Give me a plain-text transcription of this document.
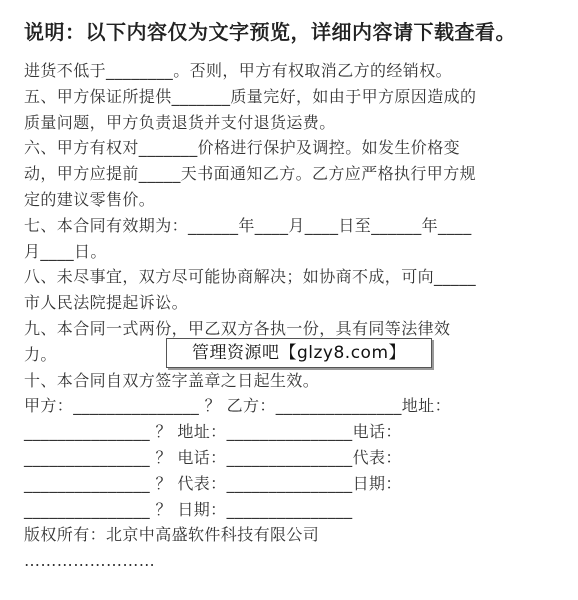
说明：以下内容仅为文字预览，详细内容请下载查看。
进货不低于________。否则，甲方有权取消乙方的经销权。
五、甲方保证所提供_______质量完好，如由于甲方原因造成的
质量问题，甲方负责退货并支付退货运费。
六、甲方有权对_______价格进行保护及调控。如发生价格变
动，甲方应提前_____天书面通知乙方。乙方应严格执行甲方规
定的建议零售价。
七、本合同有效期为：______年____月____日至______年____
月____日。
八、未尽事宜，双方尽可能协商解决；如协商不成，可向_____
市人民法院提起诉讼。
九、本合同一式两份，甲乙双方各执一份，具有同等法律效
力。
十、本合同自双方签字盖章之日起生效。
甲方：_______________ ？ 乙方：_______________地址：
_______________ ？ 地址：_______________电话：
_______________ ？ 电话：_______________代表：
_______________ ？ 代表：_______________日期：
_______________ ？ 日期：_______________
版权所有：北京中高盛软件科技有限公司
……………………
管理资源吧【glzy8.com】
